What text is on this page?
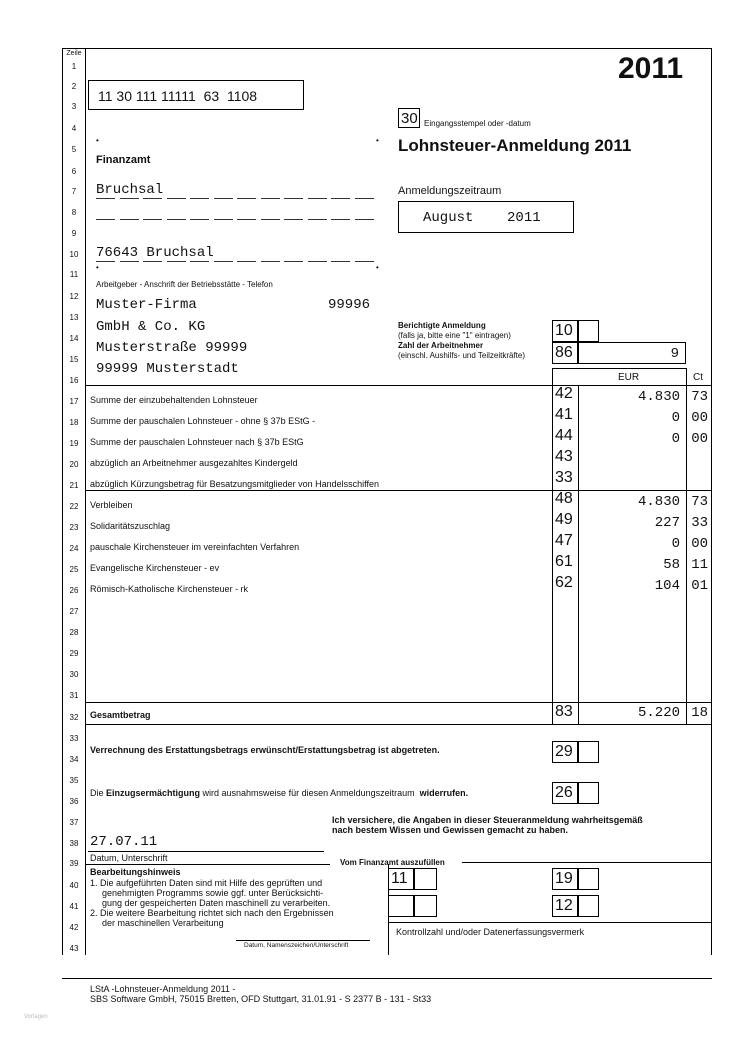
Zeile
1
2
3
4
5
6
7
8
9
10
11
12
13
14
15
16
17
18
19
20
21
22
23
24
25
26
27
28
29
30
31
32
33
34
35
36
37
38
39
40
41
42
43
2011
11 30 111 11111  63  1108
30 Eingangsstempel oder -datum
Lohnsteuer-Anmeldung 2011
•	•
Finanzamt
Bruchsal
76643 Bruchsal
•	•
Anmeldungszeitraum
August    2011
Arbeitgeber - Anschrift der Betriebsstätte - Telefon
Muster-Firma	99996
GmbH & Co. KG
Musterstraße 99999
99999 Musterstadt
Berichtigte Anmeldung
(falls ja, bitte eine "1" eintragen)
Zahl der Arbeitnehmer
(einschl. Aushilfs- und Teilzeitkräfte)
10
86	9
EUR	Ct
Summe der einzubehaltenden Lohnsteuer	42	4.830 73
Summe der pauschalen Lohnsteuer - ohne § 37b EStG -	41	0 00
Summe der pauschalen Lohnsteuer nach § 37b EStG	44	0 00
abzüglich an Arbeitnehmer ausgezahltes Kindergeld	43
abzüglich Kürzungsbetrag für Besatzungsmitglieder von Handelsschiffen	33
Verbleiben	48	4.830 73
Solidaritätszuschlag	49	227 33
pauschale Kirchensteuer im vereinfachten Verfahren	47	0 00
Evangelische Kirchensteuer - ev	61	58 11
Römisch-Katholische Kirchensteuer - rk	62	104 01
Gesamtbetrag	83	5.220 18
Verrechnung des Erstattungsbetrags erwünscht/Erstattungsbetrag ist abgetreten.	29
Die Einzugsermächtigung wird ausnahmsweise für diesen Anmeldungszeitraum  widerrufen.	26
Ich versichere, die Angaben in dieser Steueranmeldung wahrheitsgemäß
nach bestem Wissen und Gewissen gemacht zu haben.
27.07.11
Datum, Unterschrift	Vom Finanzamt auszufüllen
11	19
12
Kontrollzahl und/oder Datenerfassungsvermerk
Bearbeitungshinweis
1. Die aufgeführten Daten sind mit Hilfe des geprüften und
genehmigten Programms sowie ggf. unter Berücksichti-
gung der gespeicherten Daten maschinell zu verarbeiten.
2. Die weitere Bearbeitung richtet sich nach den Ergebnissen
der maschinellen Verarbeitung
Datum, Namenszeichen/Unterschrift
LStA -Lohnsteuer-Anmeldung 2011 -
SBS Software GmbH, 75015 Bretten, OFD Stuttgart, 31.01.91 - S 2377 B - 131 - St33
Vorlagen
